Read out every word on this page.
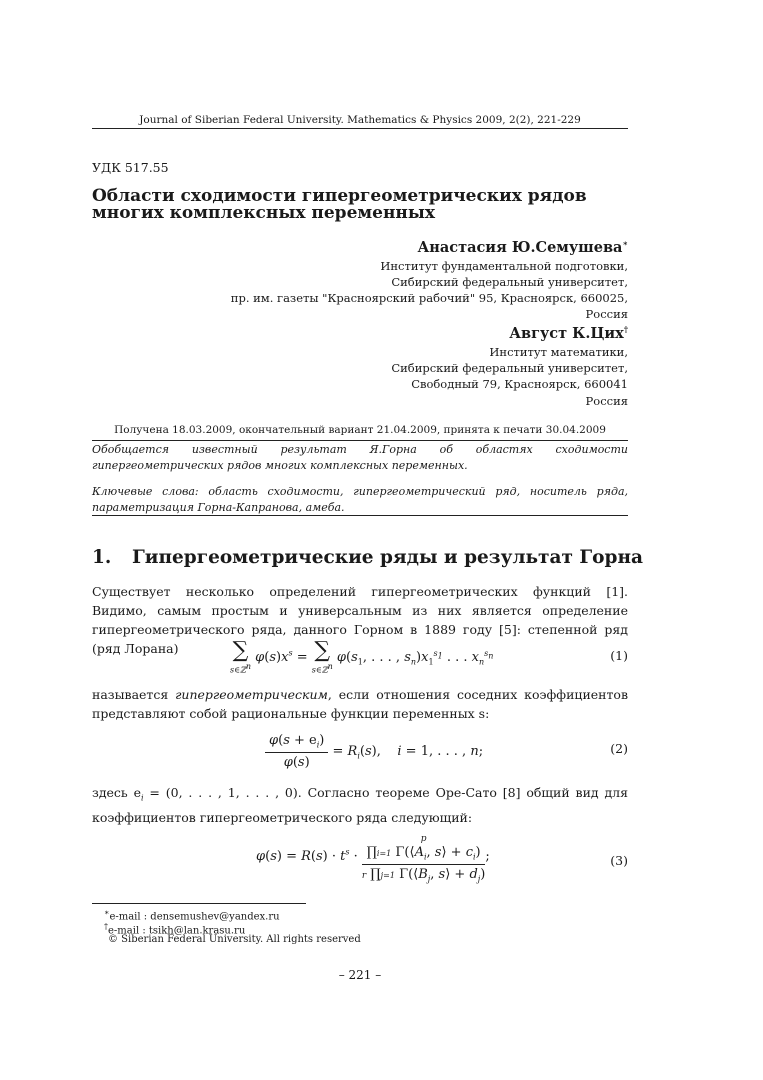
Journal of Siberian Federal University. Mathematics & Physics 2009, 2(2), 221-229
УДК 517.55
Области сходимости гипергеометрических рядов
многих комплексных переменных
Анастасия Ю.Семушева∗
Институт фундаментальной подготовки,
Сибирский федеральный университет,
пр. им. газеты "Красноярский рабочий" 95, Красноярск, 660025,
Россия
Август К.Цих†
Институт математики,
Сибирский федеральный университет,
Свободный 79, Красноярск, 660041
Россия
Получена 18.03.2009, окончательный вариант 21.04.2009, принята к печати 30.04.2009
Обобщается известный результат Я.Горна об областях сходимости гипергеометрических рядов многих комплексных переменных.
Ключевые слова: область сходимости, гипергеометрический ряд, носитель ряда, параметризация Горна-Капранова, амеба.
1. Гипергеометрические ряды и результат Горна
Существует несколько определений гипергеометрических функций [1]. Видимо, самым простым и универсальным из них является определение гипергеометрического ряда, данного Горном в 1889 году [5]: степенной ряд (ряд Лорана)	∑
s∈ℤ$^n$
$\varphi(s)x^s$ = ∑
s∈ℤ$^n$
$\varphi(s_1$, . . . , $s_n)x_1^{s_1}$ . . . $x_n^{s_n}$	(1)
называется гипергеометрическим, если отношения соседних коэффициентов представляют собой рациональные функции переменных s:
$\frac{\varphi(s + e_i)}{\varphi(s)} = R_i(s)$,    i = 1, . . . , n;	(2)
здесь $e_i = (0$, . . . , 1, . . . , 0). Согласно теореме Оре-Сато [8] общий вид для коэффициентов гипергеометрического ряда следующий:
$\varphi(s) = R(s) \cdot t^s$ ·
p
∏i=1 $\Gamma(⟨A_i$, s⟩ + $c_i$)
r ∏j=1 $\Gamma(⟨B_j$, s⟩ + $d_j$)
;	(3)
∗e-mail : densemushev@yandex.ru
†e-mail : tsikh@lan.krasu.ru
© Siberian Federal University. All rights reserved
– 221 –
